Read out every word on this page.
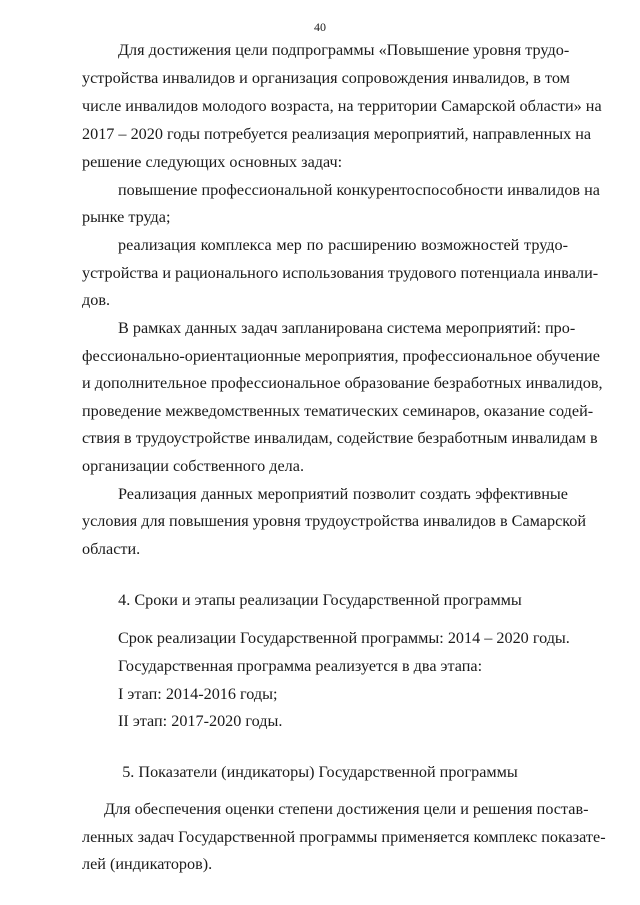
40
Для достижения цели подпрограммы «Повышение уровня трудо-
устройства инвалидов и организация сопровождения инвалидов, в том
числе инвалидов молодого возраста, на территории Самарской области» на
2017 – 2020 годы потребуется реализация мероприятий, направленных на
решение следующих основных задач:
повышение профессиональной конкурентоспособности инвалидов на
рынке труда;
реализация комплекса мер по расширению возможностей трудо-
устройства и рационального использования трудового потенциала инвали-
дов.
В рамках данных задач запланирована система мероприятий: про-
фессионально-ориентационные мероприятия, профессиональное обучение
и дополнительное профессиональное образование безработных инвалидов,
проведение межведомственных тематических семинаров, оказание содей-
ствия в трудоустройстве инвалидам, содействие безработным инвалидам в
организации собственного дела.
Реализация данных мероприятий позволит создать эффективные
условия для повышения уровня трудоустройства инвалидов в Самарской
области.
4. Сроки и этапы реализации Государственной программы
Срок реализации Государственной программы: 2014 – 2020 годы.
Государственная программа реализуется в два этапа:
I этап: 2014-2016 годы;
II этап: 2017-2020 годы.
5. Показатели (индикаторы) Государственной программы
Для обеспечения оценки степени достижения цели и решения постав-
ленных задач Государственной программы применяется комплекс показате-
лей (индикаторов).
